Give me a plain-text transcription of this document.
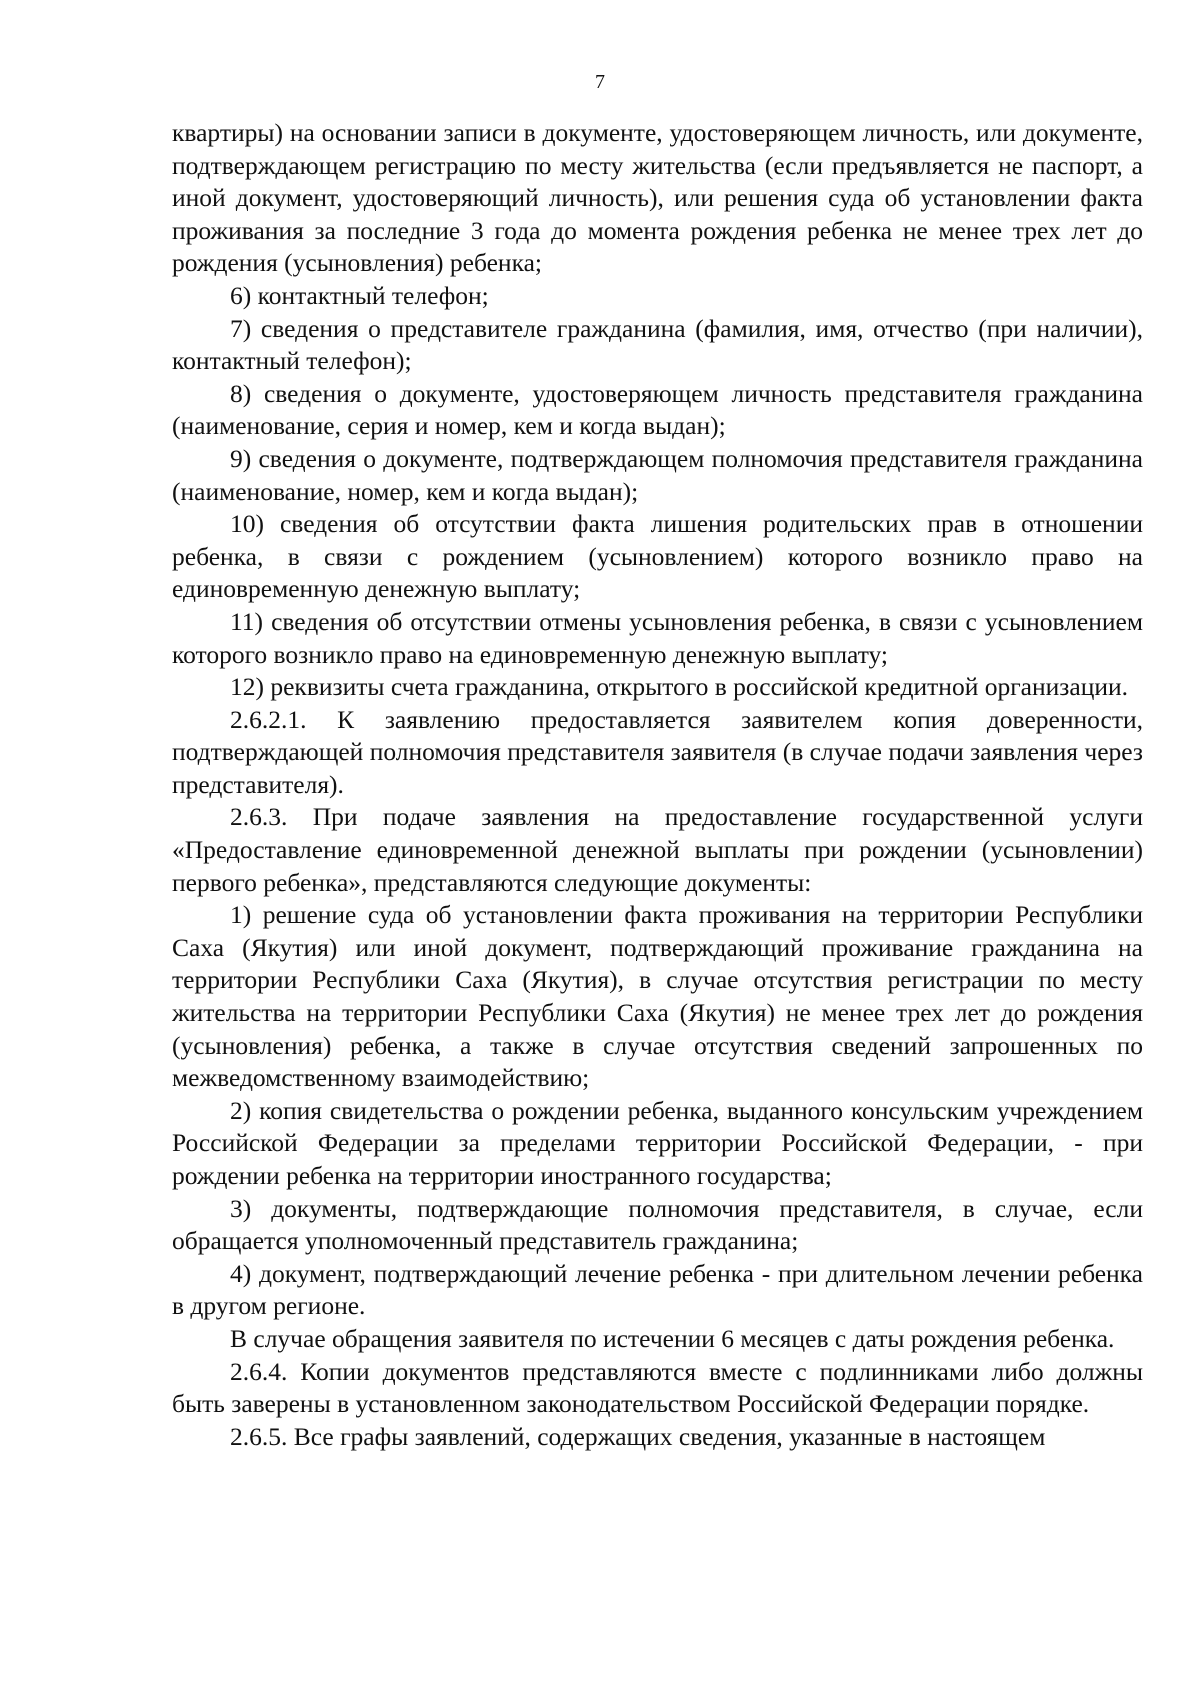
7

квартиры) на основании записи в документе, удостоверяющем личность, или документе, подтверждающем регистрацию по месту жительства (если предъявляется не паспорт, а иной документ, удостоверяющий личность), или решения суда об установлении факта проживания за последние 3 года до момента рождения ребенка не менее трех лет до рождения (усыновления) ребенка;

6) контактный телефон;

7) сведения о представителе гражданина (фамилия, имя, отчество (при наличии), контактный телефон);

8) сведения о документе, удостоверяющем личность представителя гражданина (наименование, серия и номер, кем и когда выдан);

9) сведения о документе, подтверждающем полномочия представителя гражданина (наименование, номер, кем и когда выдан);

10) сведения об отсутствии факта лишения родительских прав в отношении ребенка, в связи с рождением (усыновлением) которого возникло право на единовременную денежную выплату;

11) сведения об отсутствии отмены усыновления ребенка, в связи с усыновлением которого возникло право на единовременную денежную выплату;

12) реквизиты счета гражданина, открытого в российской кредитной организации.

2.6.2.1. К заявлению предоставляется заявителем копия доверенности, подтверждающей полномочия представителя заявителя (в случае подачи заявления через представителя).

2.6.3. При подаче заявления на предоставление государственной услуги «Предоставление единовременной денежной выплаты при рождении (усыновлении) первого ребенка», представляются следующие документы:

1) решение суда об установлении факта проживания на территории Республики Саха (Якутия) или иной документ, подтверждающий проживание гражданина на территории Республики Саха (Якутия), в случае отсутствия регистрации по месту жительства на территории Республики Саха (Якутия) не менее трех лет до рождения (усыновления) ребенка, а также в случае отсутствия сведений запрошенных по межведомственному взаимодействию;

2) копия свидетельства о рождении ребенка, выданного консульским учреждением Российской Федерации за пределами территории Российской Федерации, - при рождении ребенка на территории иностранного государства;

3) документы, подтверждающие полномочия представителя, в случае, если обращается уполномоченный представитель гражданина;

4) документ, подтверждающий лечение ребенка - при длительном лечении ребенка в другом регионе.

В случае обращения заявителя по истечении 6 месяцев с даты рождения ребенка.

2.6.4. Копии документов представляются вместе с подлинниками либо должны быть заверены в установленном законодательством Российской Федерации порядке.

2.6.5. Все графы заявлений, содержащих сведения, указанные в настоящем
